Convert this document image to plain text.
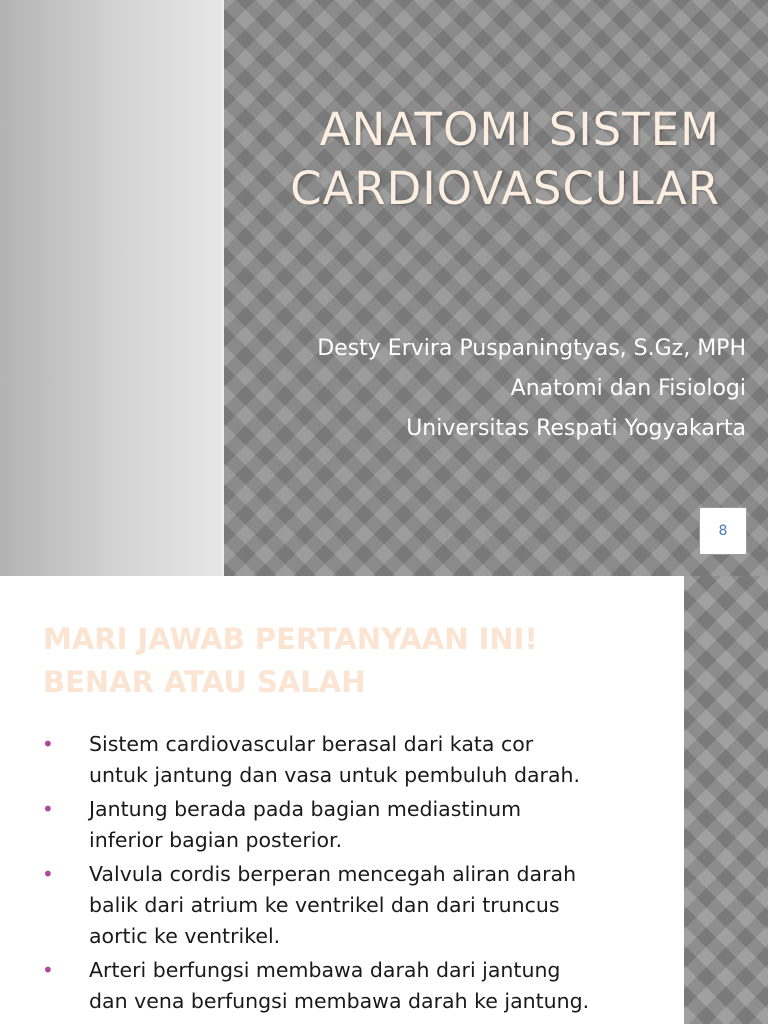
ANATOMI SISTEM
CARDIOVASCULAR
Desty Ervira Puspaningtyas, S.Gz, MPH
Anatomi dan Fisiologi
Universitas Respati Yogyakarta
8
MARI JAWAB PERTANYAAN INI!
BENAR ATAU SALAH
• Sistem cardiovascular berasal dari kata cor
untuk jantung dan vasa untuk pembuluh darah.
• Jantung berada pada bagian mediastinum
inferior bagian posterior.
• Valvula cordis berperan mencegah aliran darah
balik dari atrium ke ventrikel dan dari truncus
aortic ke ventrikel.
• Arteri berfungsi membawa darah dari jantung
dan vena berfungsi membawa darah ke jantung.
